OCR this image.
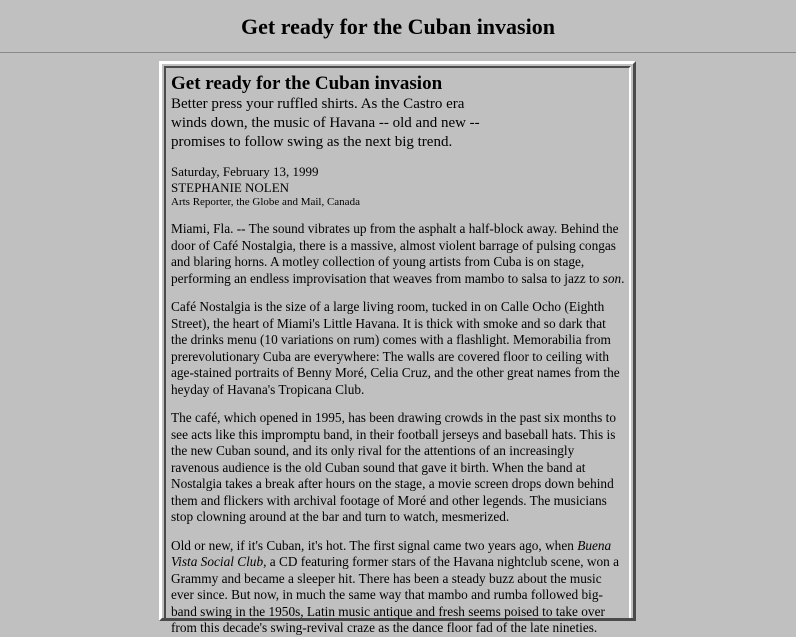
Get ready for the Cuban invasion
Get ready for the Cuban invasion

Better press your ruffled shirts. As the Castro era winds down, the music of Havana -- old and new -- promises to follow swing as the next big trend.

Saturday, February 13, 1999
STEPHANIE NOLEN
Arts Reporter, the Globe and Mail, Canada

Miami, Fla. -- The sound vibrates up from the asphalt a half-block away. Behind the door of Café Nostalgia, there is a massive, almost violent barrage of pulsing congas and blaring horns. A motley collection of young artists from Cuba is on stage, performing an endless improvisation that weaves from mambo to salsa to jazz to son.

Café Nostalgia is the size of a large living room, tucked in on Calle Ocho (Eighth Street), the heart of Miami's Little Havana. It is thick with smoke and so dark that the drinks menu (10 variations on rum) comes with a flashlight. Memorabilia from prerevolutionary Cuba are everywhere: The walls are covered floor to ceiling with age-stained portraits of Benny Moré, Celia Cruz, and the other great names from the heyday of Havana's Tropicana Club.

The café, which opened in 1995, has been drawing crowds in the past six months to see acts like this impromptu band, in their football jerseys and baseball hats. This is the new Cuban sound, and its only rival for the attentions of an increasingly ravenous audience is the old Cuban sound that gave it birth. When the band at Nostalgia takes a break after hours on the stage, a movie screen drops down behind them and flickers with archival footage of Moré and other legends. The musicians stop clowning around at the bar and turn to watch, mesmerized.

Old or new, if it's Cuban, it's hot. The first signal came two years ago, when Buena Vista Social Club, a CD featuring former stars of the Havana nightclub scene, won a Grammy and became a sleeper hit. There has been a steady buzz about the music ever since. But now, in much the same way that mambo and rumba followed big-band swing in the 1950s, Latin music antique and fresh seems poised to take over from this decade's swing-revival craze as the dance floor fad of the late nineties.
